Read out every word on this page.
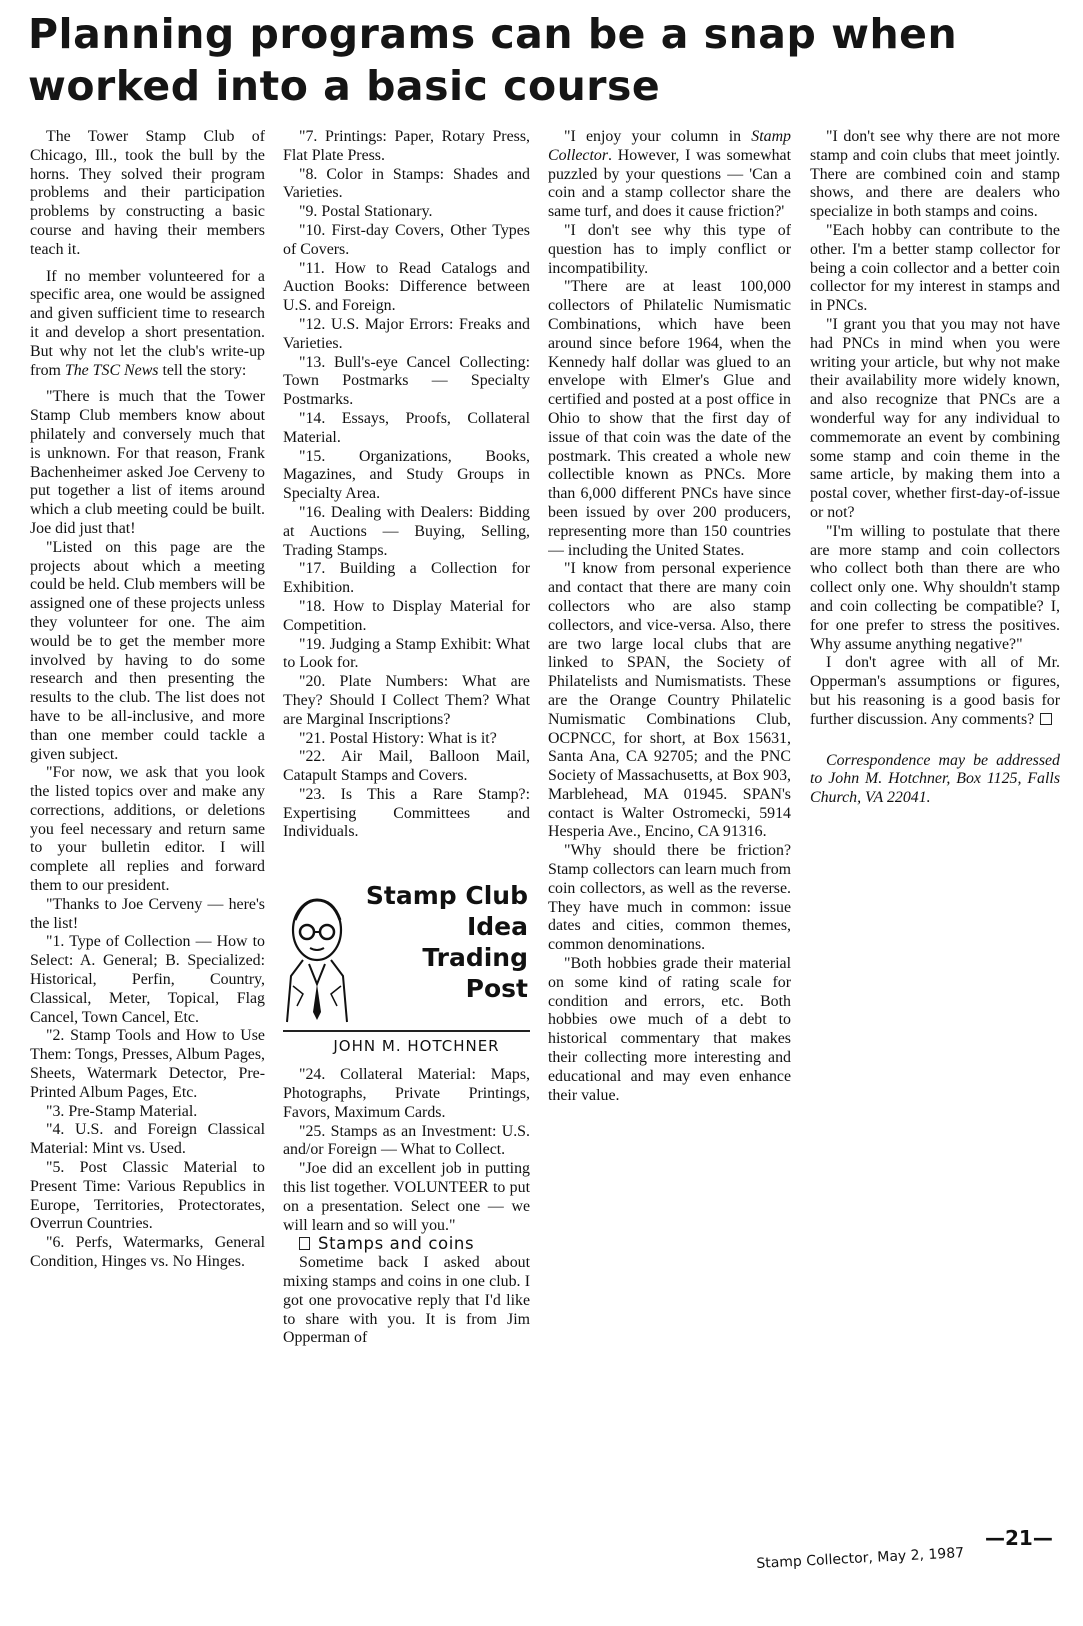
Planning programs can be a snap when worked into a basic course

The Tower Stamp Club of Chicago, Ill., took the bull by the horns. They solved their program problems and their participation problems by constructing a basic course and having their members teach it.

If no member volunteered for a specific area, one would be assigned and given sufficient time to research it and develop a short presentation. But why not let the club's write-up from The TSC News tell the story:

"There is much that the Tower Stamp Club members know about philately and conversely much that is unknown. For that reason, Frank Bachenheimer asked Joe Cerveny to put together a list of items around which a club meeting could be built. Joe did just that!

"Listed on this page are the projects about which a meeting could be held. Club members will be assigned one of these projects unless they volunteer for one. The aim would be to get the member more involved by having to do some research and then presenting the results to the club. The list does not have to be all-inclusive, and more than one member could tackle a given subject.

"For now, we ask that you look the listed topics over and make any corrections, additions, or deletions you feel necessary and return same to your bulletin editor. I will complete all replies and forward them to our president.

"Thanks to Joe Cerveny — here's the list!

"1. Type of Collection — How to Select: A. General; B. Specialized: Historical, Perfin, Country, Classical, Meter, Topical, Flag Cancel, Town Cancel, Etc.

"2. Stamp Tools and How to Use Them: Tongs, Presses, Album Pages, Sheets, Watermark Detector, Pre-Printed Album Pages, Etc.

"3. Pre-Stamp Material.

"4. U.S. and Foreign Classical Material: Mint vs. Used.

"5. Post Classic Material to Present Time: Various Republics in Europe, Territories, Protectorates, Overrun Countries.

"6. Perfs, Watermarks, General Condition, Hinges vs. No Hinges.

"7. Printings: Paper, Rotary Press, Flat Plate Press.

"8. Color in Stamps: Shades and Varieties.

"9. Postal Stationary.

"10. First-day Covers, Other Types of Covers.

"11. How to Read Catalogs and Auction Books: Difference between U.S. and Foreign.

"12. U.S. Major Errors: Freaks and Varieties.

"13. Bull's-eye Cancel Collecting: Town Postmarks — Specialty Postmarks.

"14. Essays, Proofs, Collateral Material.

"15. Organizations, Books, Magazines, and Study Groups in Specialty Area.

"16. Dealing with Dealers: Bidding at Auctions — Buying, Selling, Trading Stamps.

"17. Building a Collection for Exhibition.

"18. How to Display Material for Competition.

"19. Judging a Stamp Exhibit: What to Look for.

"20. Plate Numbers: What are They? Should I Collect Them? What are Marginal Inscriptions?

"21. Postal History: What is it?

"22. Air Mail, Balloon Mail, Catapult Stamps and Covers.

"23. Is This a Rare Stamp?: Expertising Committees and Individuals.

Stamp Club
Idea
Trading
Post
JOHN M. HOTCHNER

"24. Collateral Material: Maps, Photographs, Private Printings, Favors, Maximum Cards.

"25. Stamps as an Investment: U.S. and/or Foreign — What to Collect.

"Joe did an excellent job in putting this list together. VOLUNTEER to put on a presentation. Select one — we will learn and so will you."

Stamps and coins

Sometime back I asked about mixing stamps and coins in one club. I got one provocative reply that I'd like to share with you. It is from Jim Opperman of

"I enjoy your column in Stamp Collector. However, I was somewhat puzzled by your questions — 'Can a coin and a stamp collector share the same turf, and does it cause friction?'

"I don't see why this type of question has to imply conflict or incompatibility.

"There are at least 100,000 collectors of Philatelic Numismatic Combinations, which have been around since before 1964, when the Kennedy half dollar was glued to an envelope with Elmer's Glue and certified and posted at a post office in Ohio to show that the first day of issue of that coin was the date of the postmark. This created a whole new collectible known as PNCs. More than 6,000 different PNCs have since been issued by over 200 producers, representing more than 150 countries — including the United States.

"I know from personal experience and contact that there are many coin collectors who are also stamp collectors, and vice-versa. Also, there are two large local clubs that are linked to SPAN, the Society of Philatelists and Numismatists. These are the Orange Country Philatelic Numismatic Combinations Club, OCPNCC, for short, at Box 15631, Santa Ana, CA 92705; and the PNC Society of Massachusetts, at Box 903, Marblehead, MA 01945. SPAN's contact is Walter Ostromecki, 5914 Hesperia Ave., Encino, CA 91316.

"Why should there be friction? Stamp collectors can learn much from coin collectors, as well as the reverse. They have much in common: issue dates and cities, common themes, common denominations.

"Both hobbies grade their material on some kind of rating scale for condition and errors, etc. Both hobbies owe much of a debt to historical commentary that makes their collecting more interesting and educational and may even enhance their value.

"I don't see why there are not more stamp and coin clubs that meet jointly. There are combined coin and stamp shows, and there are dealers who specialize in both stamps and coins.

"Each hobby can contribute to the other. I'm a better stamp collector for being a coin collector and a better coin collector for my interest in stamps and in PNCs.

"I grant you that you may not have had PNCs in mind when you were writing your article, but why not make their availability more widely known, and also recognize that PNCs are a wonderful way for any individual to commemorate an event by combining some stamp and coin theme in the same article, by making them into a postal cover, whether first-day-of-issue or not?

"I'm willing to postulate that there are more stamp and coin collectors who collect both than there are who collect only one. Why shouldn't stamp and coin collecting be compatible? I, for one prefer to stress the positives. Why assume anything negative?"

I don't agree with all of Mr. Opperman's assumptions or figures, but his reasoning is a good basis for further discussion. Any comments?

Correspondence may be addressed to John M. Hotchner, Box 1125, Falls Church, VA 22041.

Stamp Collector, May 2, 1987
—21—
